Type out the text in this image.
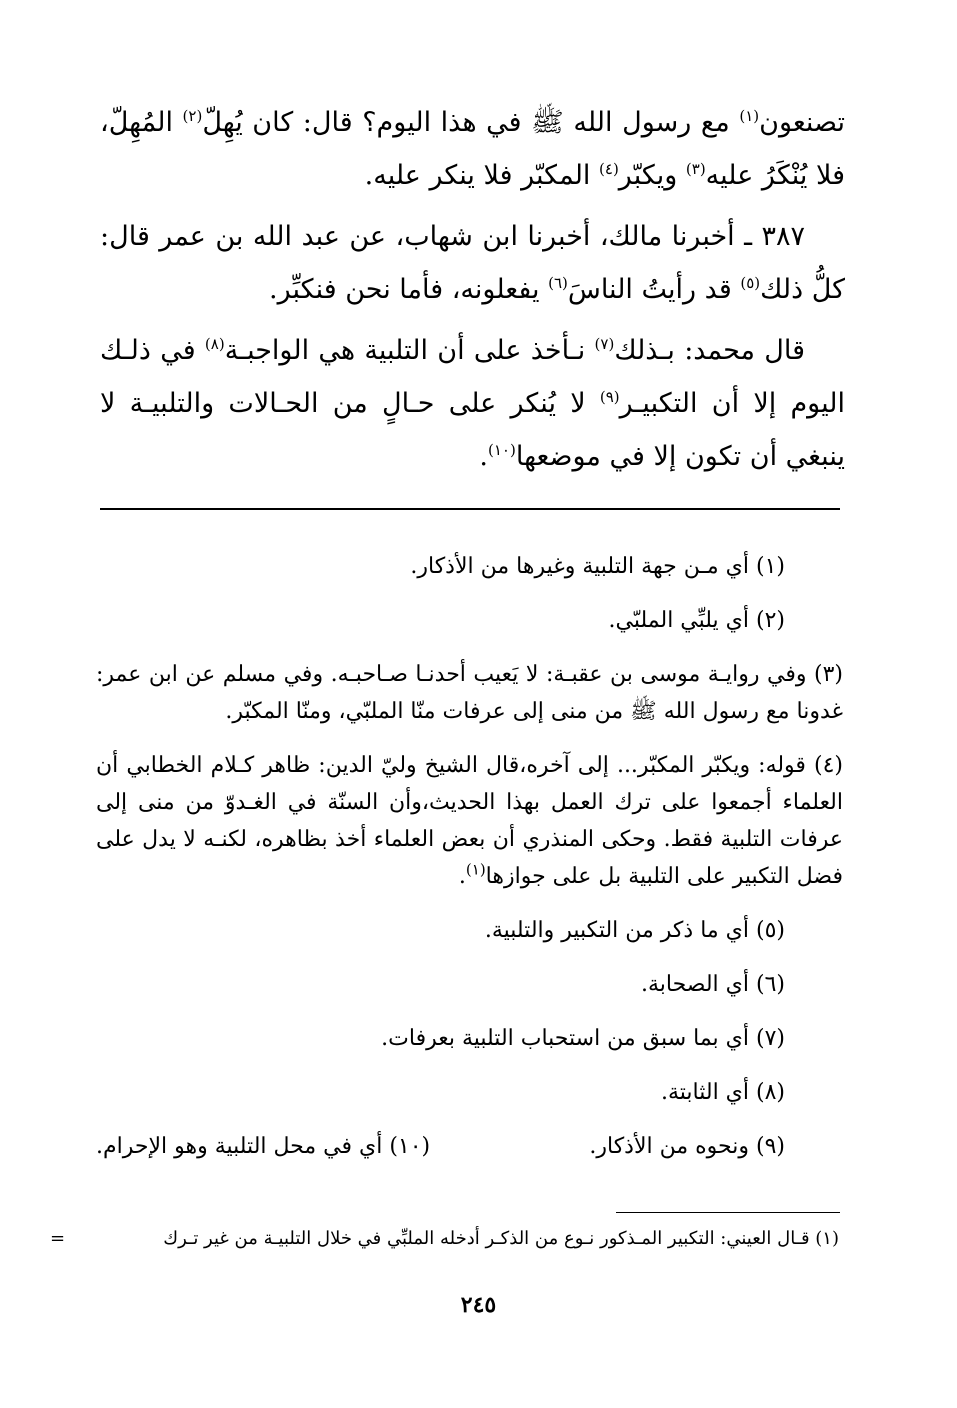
تصنعون$^{(١)}$ مع رسول الله ﷺ في هذا اليوم؟ قال: كان يُهِلّ$^{(٢)}$ المُهِلّ، فلا يُنْكَرُ عليه$^{(٣)}$ ويكبّر$^{(٤)}$ المكبّر فلا ينكر عليه.

٣٨٧ ـ أخبرنا مالك، أخبرنا ابن شهاب، عن عبد الله بن عمر قال: كلُّ ذلك$^{(٥)}$ قد رأيتُ الناسَ$^{(٦)}$ يفعلونه، فأما نحن فنكبِّر.

قال محمد: بـذلك$^{(٧)}$ نـأخذ على أن التلبية هي الواجبـة$^{(٨)}$ في ذلـك اليوم إلا أن التكبيـر$^{(٩)}$ لا يُنكر على حـالٍ من الحـالات والتلبيـة لا ينبغي أن تكون إلا في موضعها$^{(١٠)}$.

(١) أي مـن جهة التلبية وغيرها من الأذكار.

(٢) أي يلبِّي الملبّي.

(٣) وفي روايـة موسى بن عقبـة: لا يَعيب أحدنـا صـاحبـه. وفي مسلم عن ابن عمر: غدونا مع رسول الله ﷺ من منى إلى عرفات منّا الملبّي، ومنّا المكبّر.

(٤) قوله: ويكبّر المكبّر... إلى آخره،قال الشيخ وليّ الدين: ظاهر كـلام الخطابي أن العلماء أجمعوا على ترك العمل بهذا الحديث،وأن السنّة في الغـدوّ من منى إلى عرفات التلبية فقط. وحكى المنذري أن بعض العلماء أخذ بظاهره، لكنـه لا يدل على فضل التكبير على التلبية بل على جوازها$^{(١)}$.

(٥) أي ما ذكر من التكبير والتلبية.

(٦) أي الصحابة.

(٧) أي بما سبق من استحباب التلبية بعرفات.

(٨) أي الثابتة.

(٩) ونحوه من الأذكار.
(١٠) أي في محل التلبية وهو الإحرام.

(١) قـال العيني: التكبير المـذكور نـوع من الذكـر أدخله الملبِّي في خلال التلبيـة من غير تـرك
=
٢٤٥
